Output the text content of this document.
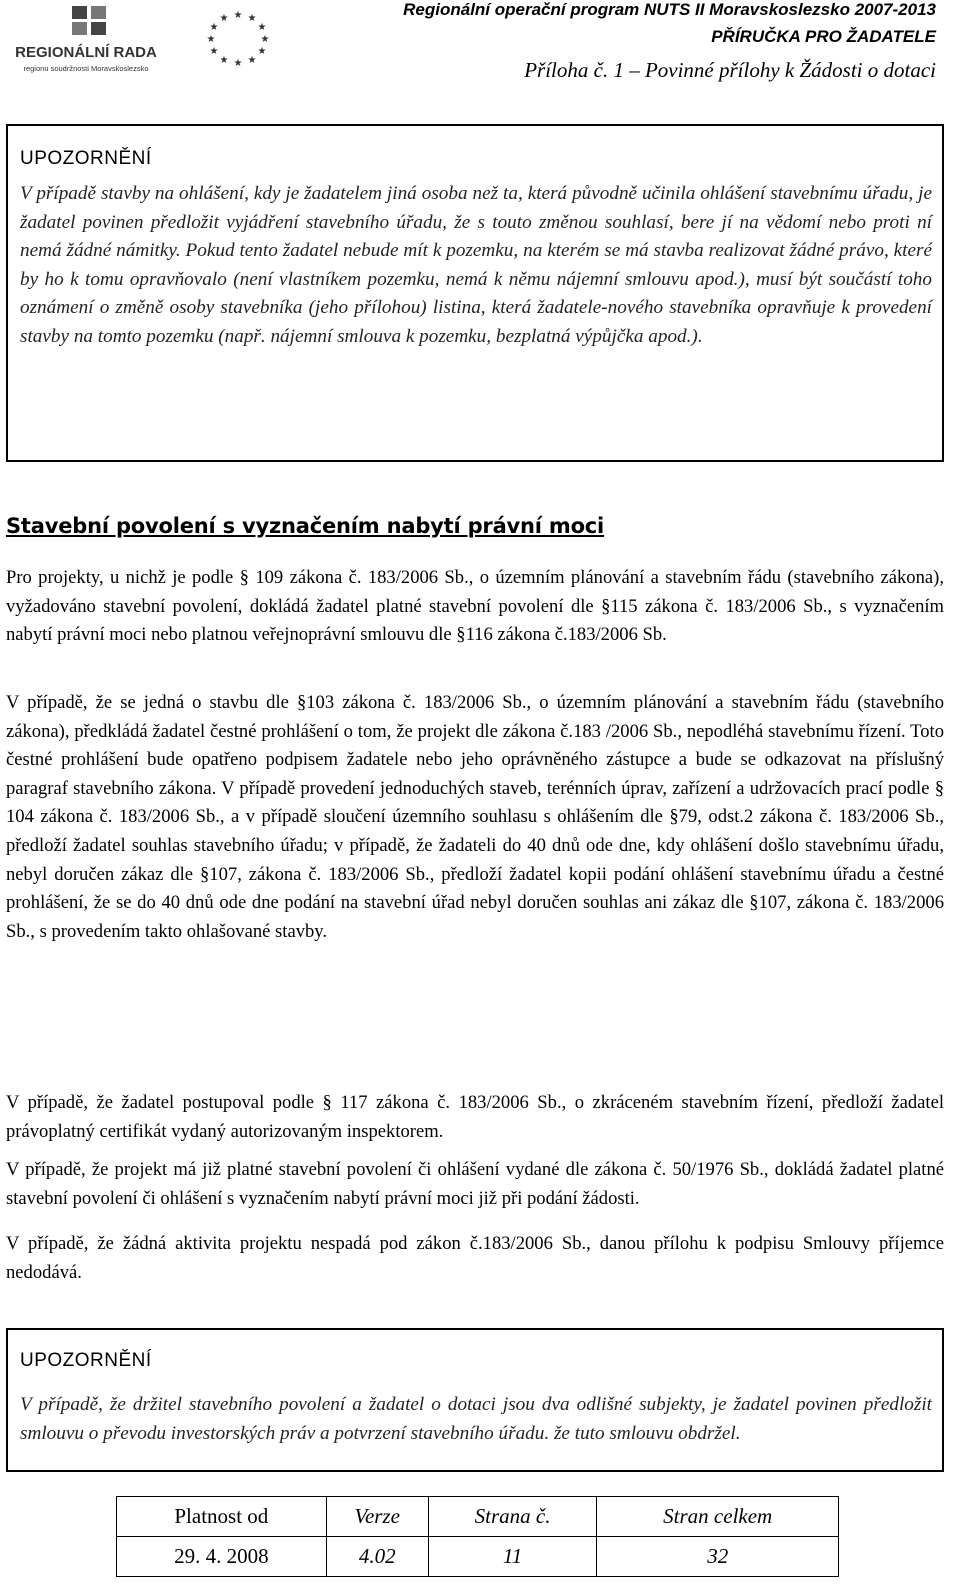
REGIONÁLNÍ RADA
regionu soudržnosti Moravskoslezsko
★ ★
★
★
★
★
★
★
★
★
★
★	Regionální operační program NUTS II Moravskoslezsko 2007-2013
PŘÍRUČKA PRO ŽADATELE
Příloha č. 1 – Povinné přílohy k Žádosti o dotaci
UPOZORNĚNÍ

V případě stavby na ohlášení, kdy je žadatelem jiná osoba než ta, která původně učinila ohlášení stavebnímu úřadu, je žadatel povinen předložit vyjádření stavebního úřadu, že s touto změnou souhlasí, bere jí na vědomí nebo proti ní nemá žádné námitky. Pokud tento žadatel nebude mít k pozemku, na kterém se má stavba realizovat žádné právo, které by ho k tomu opravňovalo (není vlastníkem pozemku, nemá k němu nájemní smlouvu apod.), musí být součástí toho oznámení o změně osoby stavebníka (jeho přílohou) listina, která žadatele-nového stavebníka opravňuje k provedení stavby na tomto pozemku (např. nájemní smlouva k pozemku, bezplatná výpůjčka apod.).

Stavební povolení s vyznačením nabytí právní moci

Pro projekty, u nichž je podle § 109 zákona č. 183/2006 Sb., o územním plánování a stavebním řádu (stavebního zákona), vyžadováno stavební povolení, dokládá žadatel platné stavební povolení dle §115 zákona č. 183/2006 Sb., s vyznačením nabytí právní moci nebo platnou veřejnoprávní smlouvu dle §116 zákona č.183/2006 Sb.

V případě, že se jedná o stavbu dle §103 zákona č. 183/2006 Sb., o územním plánování a stavebním řádu (stavebního zákona), předkládá žadatel čestné prohlášení o tom, že projekt dle zákona č.183 /2006 Sb., nepodléhá stavebnímu řízení. Toto čestné prohlášení bude opatřeno podpisem žadatele nebo jeho oprávněného zástupce a bude se odkazovat na příslušný paragraf stavebního zákona. V případě provedení jednoduchých staveb, terénních úprav, zařízení a udržovacích prací podle § 104 zákona č. 183/2006 Sb., a v případě sloučení územního souhlasu s ohlášením dle §79, odst.2 zákona č. 183/2006 Sb., předloží žadatel souhlas stavebního úřadu; v případě, že žadateli do 40 dnů ode dne, kdy ohlášení došlo stavebnímu úřadu, nebyl doručen zákaz dle §107, zákona č. 183/2006 Sb., předloží žadatel kopii podání ohlášení stavebnímu úřadu a čestné prohlášení, že se do 40 dnů ode dne podání na stavební úřad nebyl doručen souhlas ani zákaz dle §107, zákona č. 183/2006 Sb., s provedením takto ohlašované stavby.

V případě, že žadatel postupoval podle § 117 zákona č. 183/2006 Sb., o zkráceném stavebním řízení, předloží žadatel právoplatný certifikát vydaný autorizovaným inspektorem.

V případě, že projekt má již platné stavební povolení či ohlášení vydané dle zákona č. 50/1976 Sb., dokládá žadatel platné stavební povolení či ohlášení s vyznačením nabytí právní moci již při podání žádosti.

V případě, že žádná aktivita projektu nespadá pod zákon č.183/2006 Sb., danou přílohu k podpisu Smlouvy příjemce nedodává.

UPOZORNĚNÍ

V případě, že držitel stavebního povolení a žadatel o dotaci jsou dva odlišné subjekty, je žadatel povinen předložit smlouvu o převodu investorských práv a potvrzení stavebního úřadu. že tuto smlouvu obdržel.

Platnost od	Verze	Strana č.	Stran celkem
29. 4. 2008	4.02	11	32
